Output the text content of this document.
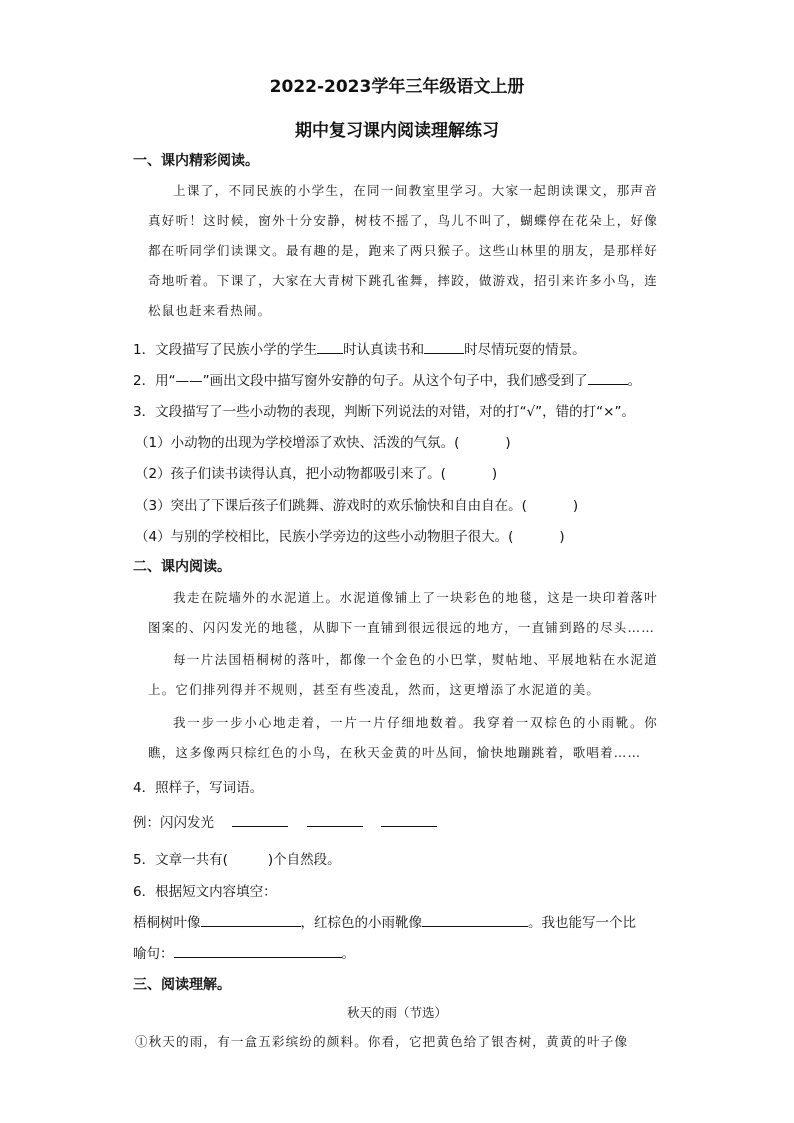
2022-2023学年三年级语文上册
期中复习课内阅读理解练习
一、课内精彩阅读。
上课了，不同民族的小学生，在同一间教室里学习。大家一起朗读课文，那声音真好听！这时候，窗外十分安静，树枝不摇了，鸟儿不叫了，蝴蝶停在花朵上，好像都在听同学们读课文。最有趣的是，跑来了两只猴子。这些山林里的朋友，是那样好奇地听着。下课了，大家在大青树下跳孔雀舞，摔跤，做游戏，招引来许多小鸟，连松鼠也赶来看热闹。
1．文段描写了民族小学的学生 时认真读书和	时尽情玩耍的情景。
2．用“——”画出文段中描写窗外安静的句子。从这个句子中，我们感受到了	。
3．文段描写了一些小动物的表现，判断下列说法的对错，对的打“√”，错的打“×”。
（1）小动物的出现为学校增添了欢快、活泼的气氛。(	)
（2）孩子们读书读得认真，把小动物都吸引来了。(	)
（3）突出了下课后孩子们跳舞、游戏时的欢乐愉快和自由自在。(	)
（4）与别的学校相比，民族小学旁边的这些小动物胆子很大。(	)
二、课内阅读。
我走在院墙外的水泥道上。水泥道像铺上了一块彩色的地毯，这是一块印着落叶图案的、闪闪发光的地毯，从脚下一直铺到很远很远的地方，一直铺到路的尽头……
每一片法国梧桐树的落叶，都像一个金色的小巴掌，熨帖地、平展地粘在水泥道上。它们排列得并不规则，甚至有些凌乱，然而，这更增添了水泥道的美。
我一步一步小心地走着，一片一片仔细地数着。我穿着一双棕色的小雨靴。你瞧，这多像两只棕红色的小鸟，在秋天金黄的叶丛间，愉快地蹦跳着，歌唱着……
4．照样子，写词语。
例：闪闪发光
5．文章一共有(	)个自然段。
6．根据短文内容填空：
梧桐树叶像	，红棕色的小雨靴像	。我也能写一个比
喻句：	。
三、阅读理解。
秋天的雨（节选）
①秋天的雨，有一盒五彩缤纷的颜料。你看，它把黄色给了银杏树，黄黄的叶子像
